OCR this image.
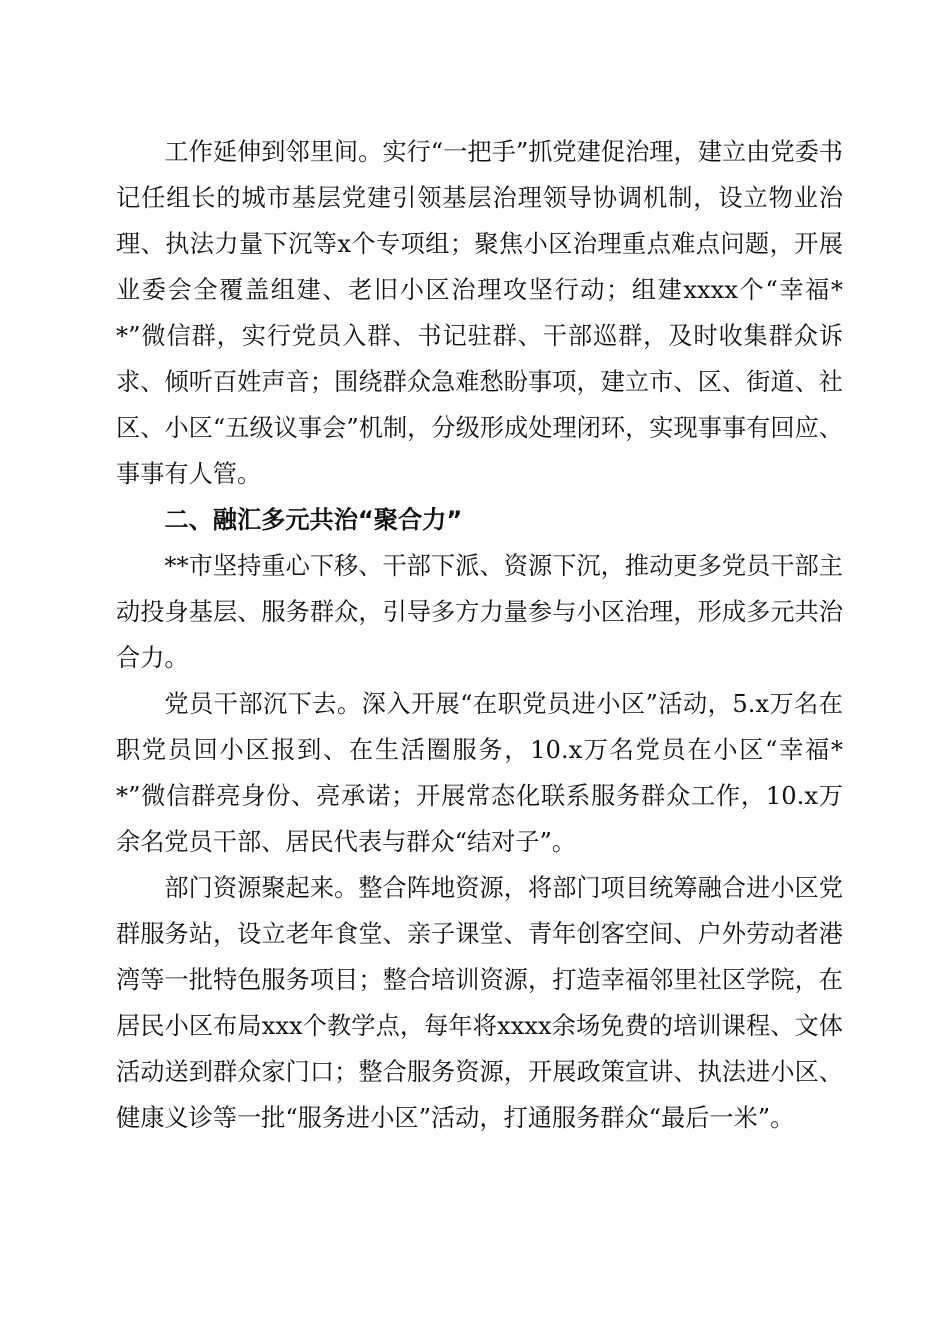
工作延伸到邻里间。实行“一把手”抓党建促治理，建立由党委书记任组长的城市基层党建引领基层治理领导协调机制，设立物业治理、执法力量下沉等x个专项组；聚焦小区治理重点难点问题，开展业委会全覆盖组建、老旧小区治理攻坚行动；组建xxxx个“幸福**”微信群，实行党员入群、书记驻群、干部巡群，及时收集群众诉求、倾听百姓声音；围绕群众急难愁盼事项，建立市、区、街道、社区、小区“五级议事会”机制，分级形成处理闭环，实现事事有回应、事事有人管。

二、融汇多元共治“聚合力”

**市坚持重心下移、干部下派、资源下沉，推动更多党员干部主动投身基层、服务群众，引导多方力量参与小区治理，形成多元共治合力。

党员干部沉下去。深入开展“在职党员进小区”活动，5.x万名在职党员回小区报到、在生活圈服务，10.x万名党员在小区“幸福**”微信群亮身份、亮承诺；开展常态化联系服务群众工作，10.x万余名党员干部、居民代表与群众“结对子”。

部门资源聚起来。整合阵地资源，将部门项目统筹融合进小区党群服务站，设立老年食堂、亲子课堂、青年创客空间、户外劳动者港湾等一批特色服务项目；整合培训资源，打造幸福邻里社区学院，在居民小区布局xxx个教学点，每年将xxxx余场免费的培训课程、文体活动送到群众家门口；整合服务资源，开展政策宣讲、执法进小区、健康义诊等一批“服务进小区”活动，打通服务群众“最后一米”。
